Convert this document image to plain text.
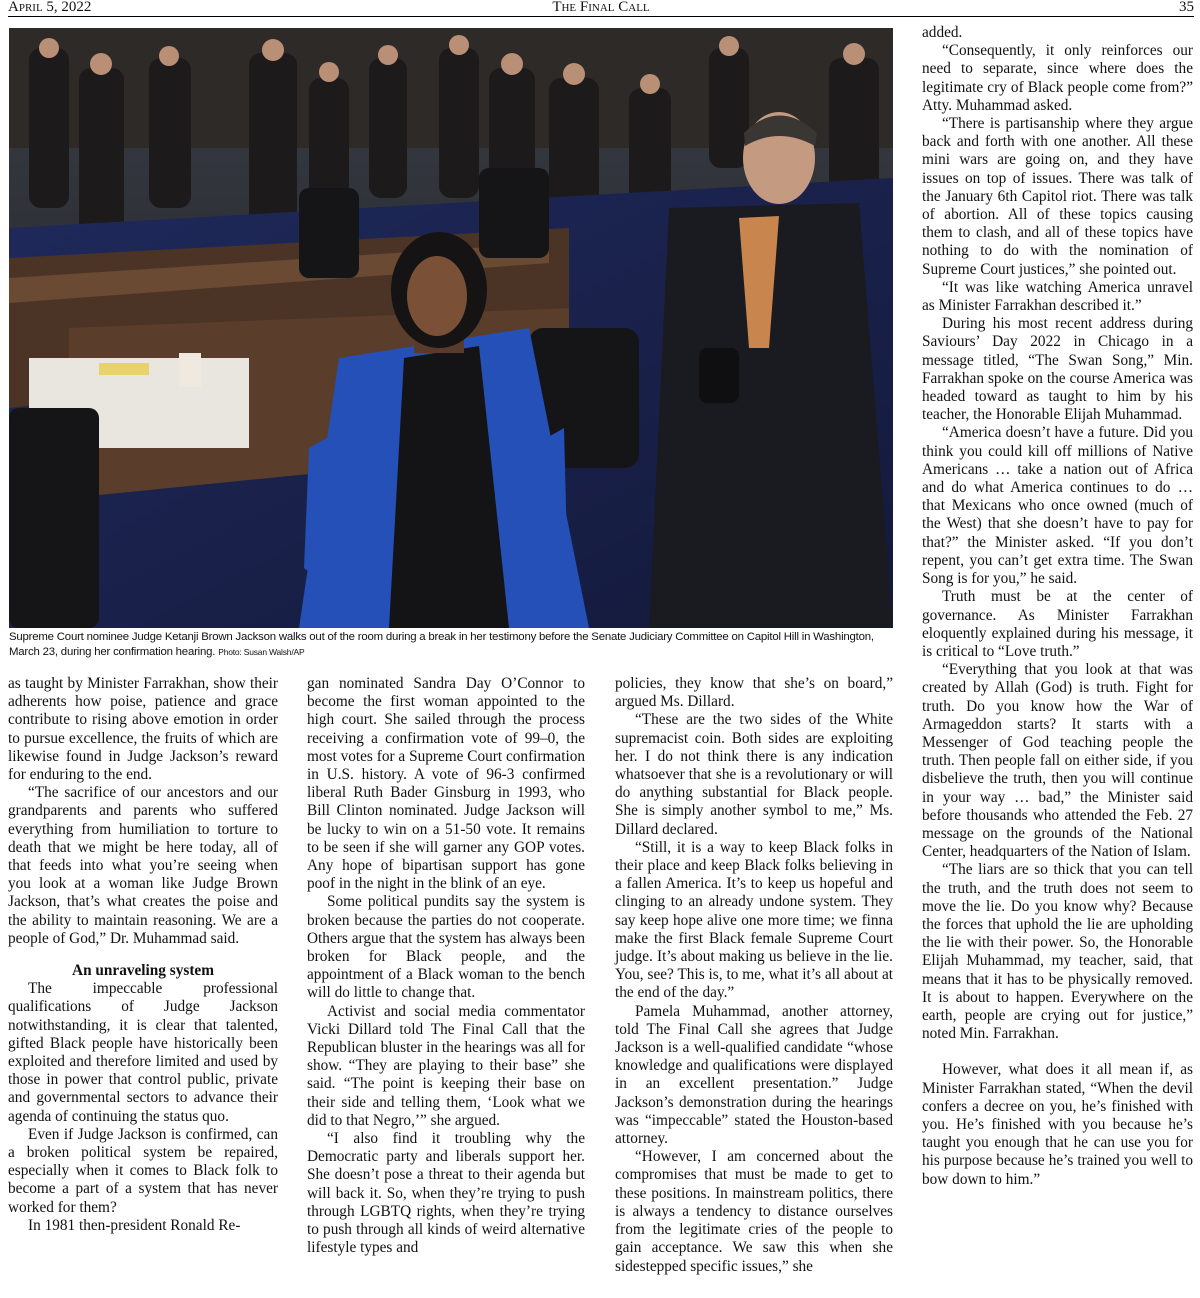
April 5, 2022	The Final Call	35
Supreme Court nominee Judge Ketanji Brown Jackson walks out of the room during a break in her testimony before the Senate Judiciary Committee on Capitol Hill in Washington, March 23, during her confirmation hearing. Photo: Susan Walsh/AP

as taught by Minister Farrakhan, show their adherents how poise, patience and grace contribute to rising above emotion in order to pursue excellence, the fruits of which are likewise found in Judge Jackson’s reward for enduring to the end.

“The sacrifice of our ancestors and our grandparents and parents who suffered everything from humiliation to torture to death that we might be here today, all of that feeds into what you’re seeing when you look at a woman like Judge Brown Jackson, that’s what creates the poise and the ability to maintain reasoning. We are a people of God,” Dr. Muhammad said.

An unraveling system

The impeccable professional qualifications of Judge Jackson notwithstanding, it is clear that talented, gifted Black people have historically been exploited and therefore limited and used by those in power that control public, private and governmental sectors to advance their agenda of continuing the status quo.

Even if Judge Jackson is confirmed, can a broken political system be repaired, especially when it comes to Black folk to become a part of a system that has never worked for them?

In 1981 then-president Ronald Re-

gan nominated Sandra Day O’Connor to become the first woman appointed to the high court. She sailed through the process receiving a confirmation vote of 99–0, the most votes for a Supreme Court confirmation in U.S. history. A vote of 96-3 confirmed liberal Ruth Bader Ginsburg in 1993, who Bill Clinton nominated. Judge Jackson will be lucky to win on a 51-50 vote. It remains to be seen if she will garner any GOP votes. Any hope of bipartisan support has gone poof in the night in the blink of an eye.

Some political pundits say the system is broken because the parties do not cooperate. Others argue that the system has always been broken for Black people, and the appointment of a Black woman to the bench will do little to change that.

Activist and social media commentator Vicki Dillard told The Final Call that the Republican bluster in the hearings was all for show. “They are playing to their base” she said. “The point is keeping their base on their side and telling them, ‘Look what we did to that Negro,’” she argued.

“I also find it troubling why the Democratic party and liberals support her. She doesn’t pose a threat to their agenda but will back it. So, when they’re trying to push through LGBTQ rights, when they’re trying to push through all kinds of weird alternative lifestyle types and

policies, they know that she’s on board,” argued Ms. Dillard.

“These are the two sides of the White supremacist coin. Both sides are exploiting her. I do not think there is any indication whatsoever that she is a revolutionary or will do anything substantial for Black people. She is simply another symbol to me,” Ms. Dillard declared.

“Still, it is a way to keep Black folks in their place and keep Black folks believing in a fallen America. It’s to keep us hopeful and clinging to an already undone system. They say keep hope alive one more time; we finna make the first Black female Supreme Court judge. It’s about making us believe in the lie. You, see? This is, to me, what it’s all about at the end of the day.”

Pamela Muhammad, another attorney, told The Final Call she agrees that Judge Jackson is a well-qualified candidate “whose knowledge and qualifications were displayed in an excellent presentation.” Judge Jackson’s demonstration during the hearings was “impeccable” stated the Houston-based attorney.

“However, I am concerned about the compromises that must be made to get to these positions. In mainstream politics, there is always a tendency to distance ourselves from the legitimate cries of the people to gain acceptance. We saw this when she sidestepped specific issues,” she

added.

“Consequently, it only reinforces our need to separate, since where does the legitimate cry of Black people come from?” Atty. Muhammad asked.

“There is partisanship where they argue back and forth with one another. All these mini wars are going on, and they have issues on top of issues. There was talk of the January 6th Capitol riot. There was talk of abortion. All of these topics causing them to clash, and all of these topics have nothing to do with the nomination of Supreme Court justices,” she pointed out.

“It was like watching America unravel as Minister Farrakhan described it.”

During his most recent address during Saviours’ Day 2022 in Chicago in a message titled, “The Swan Song,” Min. Farrakhan spoke on the course America was headed toward as taught to him by his teacher, the Honorable Elijah Muhammad.

“America doesn’t have a future. Did you think you could kill off millions of Native Americans … take a nation out of Africa and do what America continues to do … that Mexicans who once owned (much of the West) that she doesn’t have to pay for that?” the Minister asked. “If you don’t repent, you can’t get extra time. The Swan Song is for you,” he said.

Truth must be at the center of governance. As Minister Farrakhan eloquently explained during his message, it is critical to “Love truth.”

“Everything that you look at that was created by Allah (God) is truth. Fight for truth. Do you know how the War of Armageddon starts? It starts with a Messenger of God teaching people the truth. Then people fall on either side, if you disbelieve the truth, then you will continue in your way … bad,” the Minister said before thousands who attended the Feb. 27 message on the grounds of the National Center, headquarters of the Nation of Islam.

“The liars are so thick that you can tell the truth, and the truth does not seem to move the lie. Do you know why? Because the forces that uphold the lie are upholding the lie with their power. So, the Honorable Elijah Muhammad, my teacher, said, that means that it has to be physically removed. It is about to happen. Everywhere on the earth, people are crying out for justice,” noted Min. Farrakhan.

However, what does it all mean if, as Minister Farrakhan stated, “When the devil confers a decree on you, he’s finished with you. He’s finished with you because he’s taught you enough that he can use you for his purpose because he’s trained you well to bow down to him.”
